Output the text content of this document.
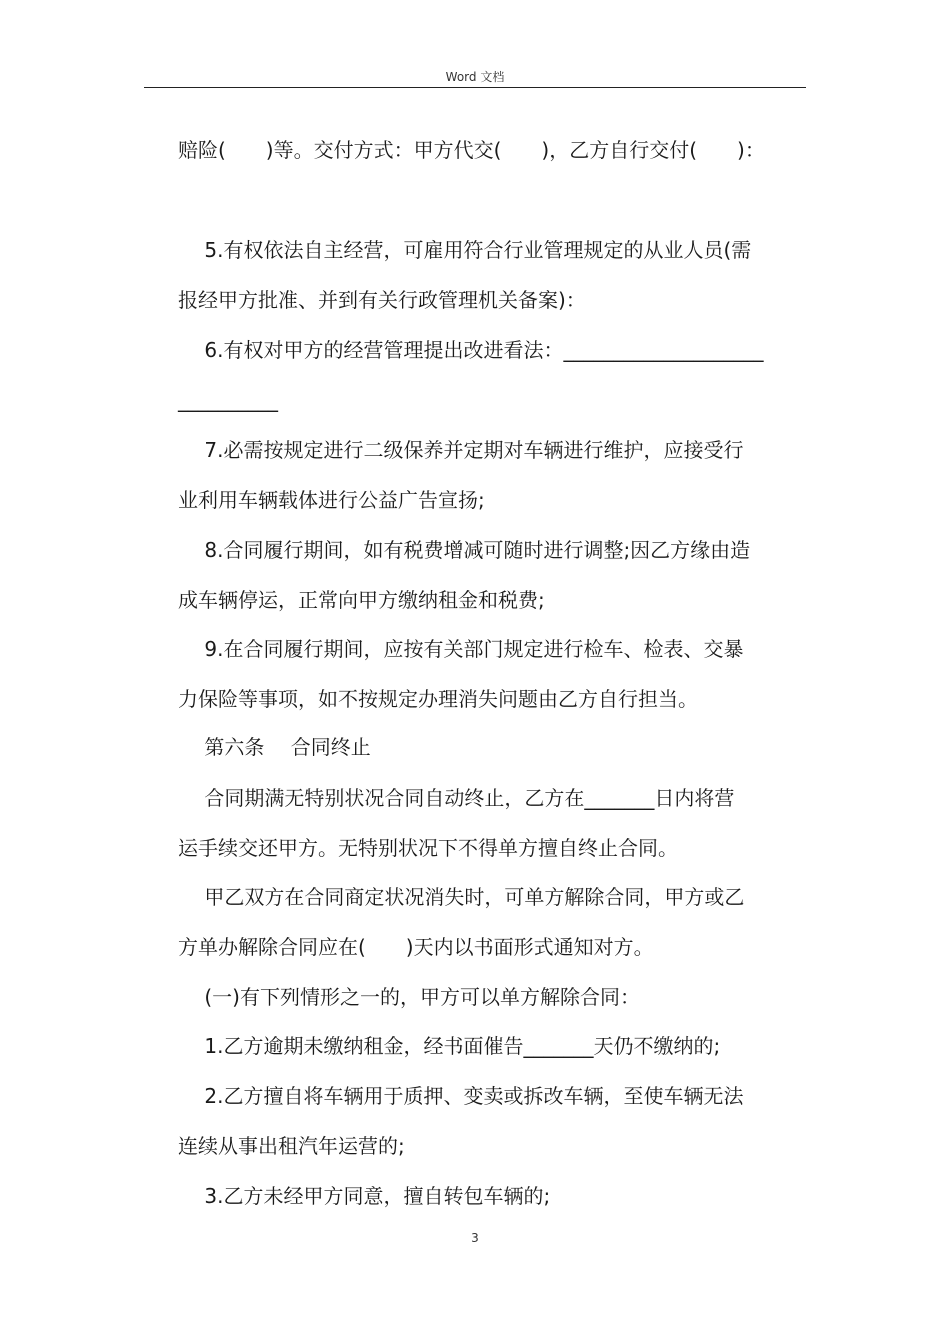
Word 文档
赔险(　　)等。交付方式：甲方代交(　　)，乙方自行交付(　　)：
　 5.有权依法自主经营，可雇用符合行业管理规定的从业人员(需
报经甲方批准、并到有关行政管理机关备案)：
　 6.有权对甲方的经营管理提出改进看法：____________________
__________
　 7.必需按规定进行二级保养并定期对车辆进行维护，应接受行
业利用车辆载体进行公益广告宣扬;
　 8.合同履行期间，如有税费增减可随时进行调整;因乙方缘由造
成车辆停运，正常向甲方缴纳租金和税费;
　 9.在合同履行期间，应按有关部门规定进行检车、检表、交暴
力保险等事项，如不按规定办理消失问题由乙方自行担当。
　 第六条　 合同终止
　 合同期满无特别状况合同自动终止，乙方在_______日内将营
运手续交还甲方。无特别状况下不得单方擅自终止合同。
　 甲乙双方在合同商定状况消失时，可单方解除合同，甲方或乙
方单办解除合同应在(　　)天内以书面形式通知对方。
　 (一)有下列情形之一的，甲方可以单方解除合同：
　 1.乙方逾期未缴纳租金，经书面催告_______天仍不缴纳的;
　 2.乙方擅自将车辆用于质押、变卖或拆改车辆，至使车辆无法
连续从事出租汽年运营的;
　 3.乙方未经甲方同意，擅自转包车辆的;
3
